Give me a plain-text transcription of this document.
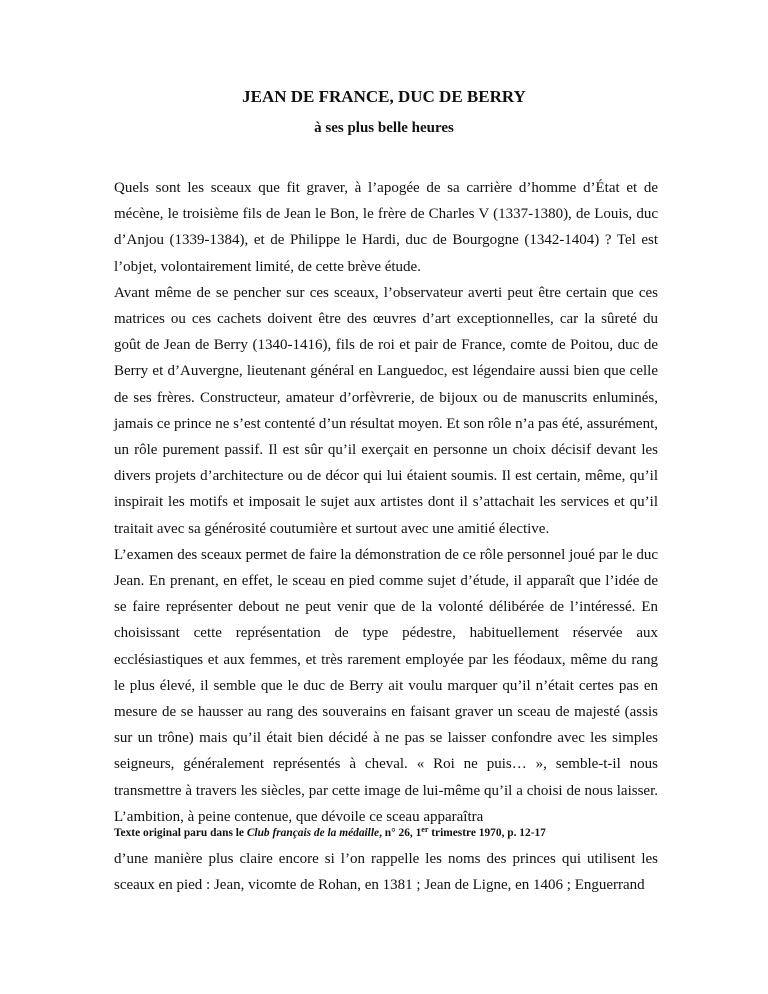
JEAN DE FRANCE, DUC DE BERRY
à ses plus belle heures

Quels sont les sceaux que fit graver, à l’apogée de sa carrière d’homme d’État et de mécène, le troisième fils de Jean le Bon, le frère de Charles V (1337-1380), de Louis, duc d’Anjou (1339-1384), et de Philippe le Hardi, duc de Bourgogne (1342-1404) ? Tel est l’objet, volontairement limité, de cette brève étude.

Avant même de se pencher sur ces sceaux, l’observateur averti peut être certain que ces matrices ou ces cachets doivent être des œuvres d’art exceptionnelles, car la sûreté du goût de Jean de Berry (1340-1416), fils de roi et pair de France, comte de Poitou, duc de Berry et d’Auvergne, lieutenant général en Languedoc, est légendaire aussi bien que celle de ses frères. Constructeur, amateur d’orfèvrerie, de bijoux ou de manuscrits enluminés, jamais ce prince ne s’est contenté d’un résultat moyen. Et son rôle n’a pas été, assurément, un rôle purement passif. Il est sûr qu’il exerçait en personne un choix décisif devant les divers projets d’architecture ou de décor qui lui étaient soumis. Il est certain, même, qu’il inspirait les motifs et imposait le sujet aux artistes dont il s’attachait les services et qu’il traitait avec sa générosité coutumière et surtout avec une amitié élective.

L’examen des sceaux permet de faire la démonstration de ce rôle personnel joué par le duc Jean. En prenant, en effet, le sceau en pied comme sujet d’étude, il apparaît que l’idée de se faire représenter debout ne peut venir que de la volonté délibérée de l’intéressé. En choisissant cette représentation de type pédestre, habituellement réservée aux ecclésiastiques et aux femmes, et très rarement employée par les féodaux, même du rang le plus élevé, il semble que le duc de Berry ait voulu marquer qu’il n’était certes pas en mesure de se hausser au rang des souverains en faisant graver un sceau de majesté (assis sur un trône) mais qu’il était bien décidé à ne pas se laisser confondre avec les simples seigneurs, généralement représentés à cheval. « Roi ne puis… », semble-t-il nous transmettre à travers les siècles, par cette image de lui-même qu’il a choisi de nous laisser. L’ambition, à peine contenue, que dévoile ce sceau apparaîtra

Texte original paru dans le Club français de la médaille, n° 26, 1er trimestre 1970, p. 12-17

d’une manière plus claire encore si l’on rappelle les noms des princes qui utilisent les sceaux en pied : Jean, vicomte de Rohan, en 1381 ; Jean de Ligne, en 1406 ; Enguerrand
